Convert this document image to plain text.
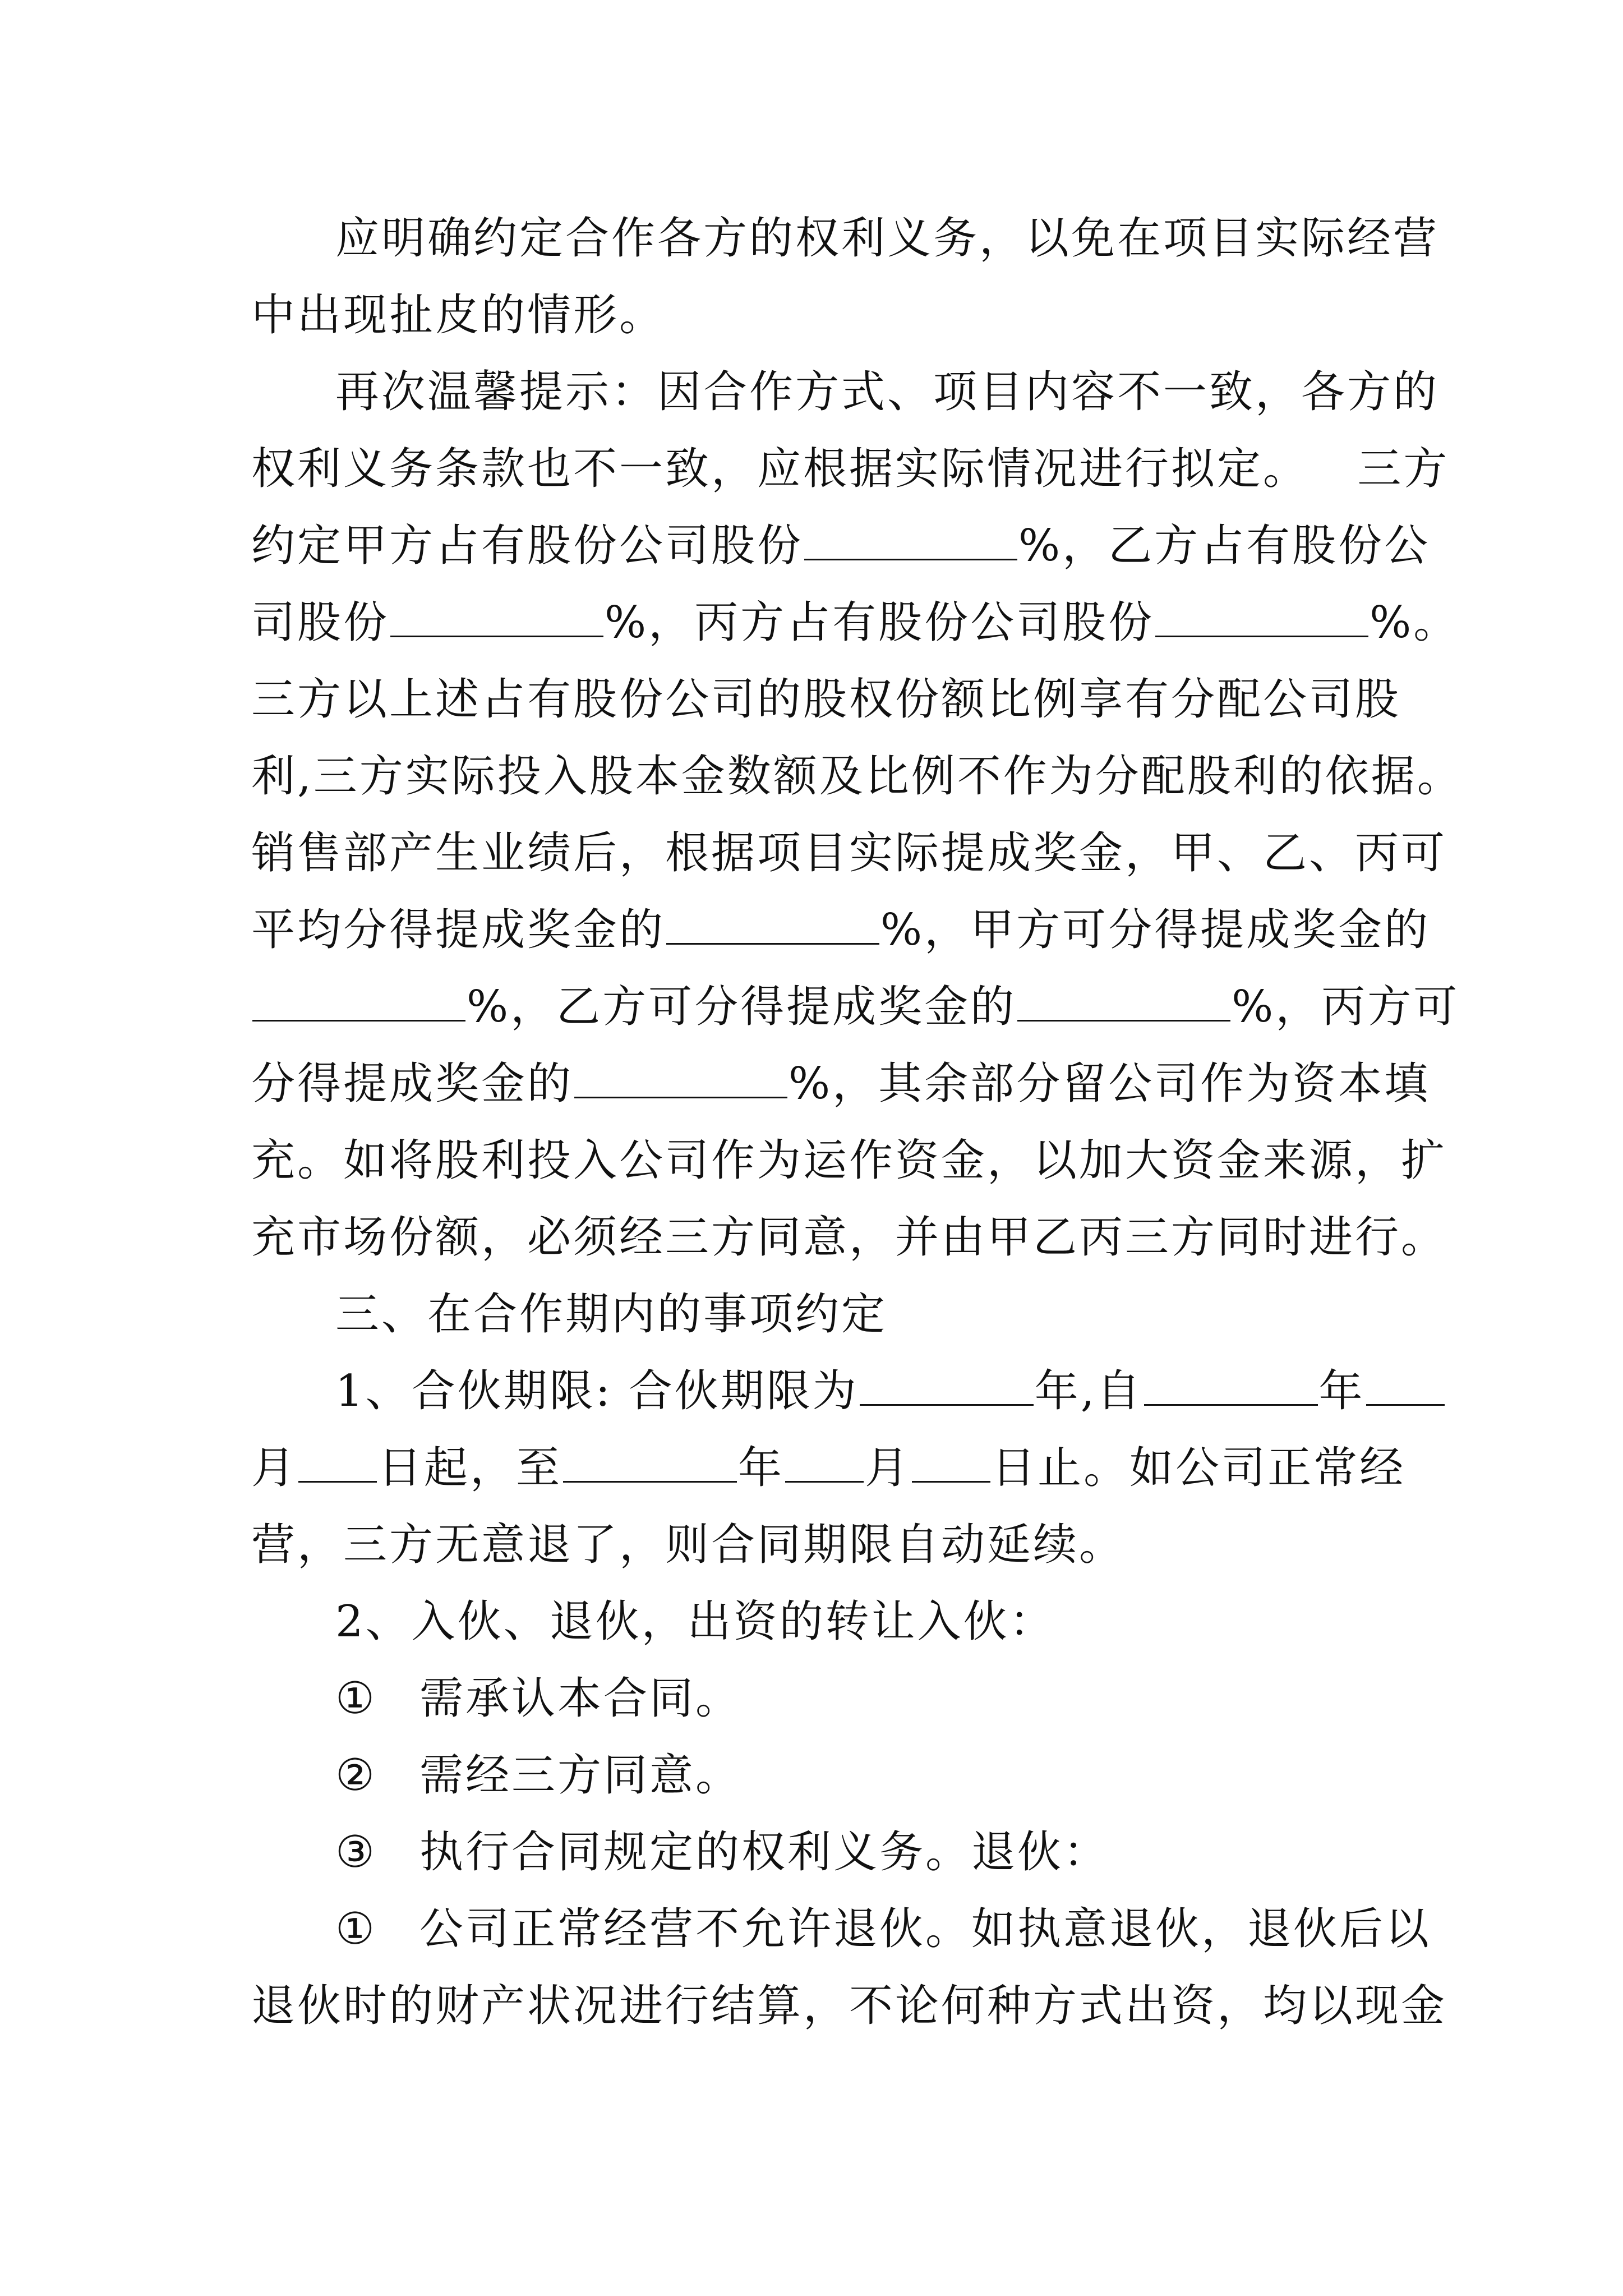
应明确约定合作各方的权利义务，以免在项目实际经营
中出现扯皮的情形。
再次温馨提示：因合作方式、项目内容不一致，各方的
权利义务条款也不一致，应根据实际情况进行拟定。   三方
约定甲方占有股份公司股份	%，乙方占有股份公
司股份	%，丙方占有股份公司股份	%。
三方以上述占有股份公司的股权份额比例享有分配公司股
利,三方实际投入股本金数额及比例不作为分配股利的依据。
销售部产生业绩后，根据项目实际提成奖金，甲、乙、丙可
平均分得提成奖金的	%，甲方可分得提成奖金的
%，乙方可分得提成奖金的	%，丙方可
分得提成奖金的	%，其余部分留公司作为资本填
充。如将股利投入公司作为运作资金，以加大资金来源，扩
充市场份额，必须经三方同意，并由甲乙丙三方同时进行。
三、在合作期内的事项约定
1、合伙期限: 合伙期限为	年,自	年
月 日起，至	年 月 日止。如公司正常经
营，三方无意退了，则合同期限自动延续。
2、入伙、退伙，出资的转让入伙：
① 需承认本合同。
② 需经三方同意。
③ 执行合同规定的权利义务。退伙：
① 公司正常经营不允许退伙。如执意退伙，退伙后以
退伙时的财产状况进行结算，不论何种方式出资，均以现金
